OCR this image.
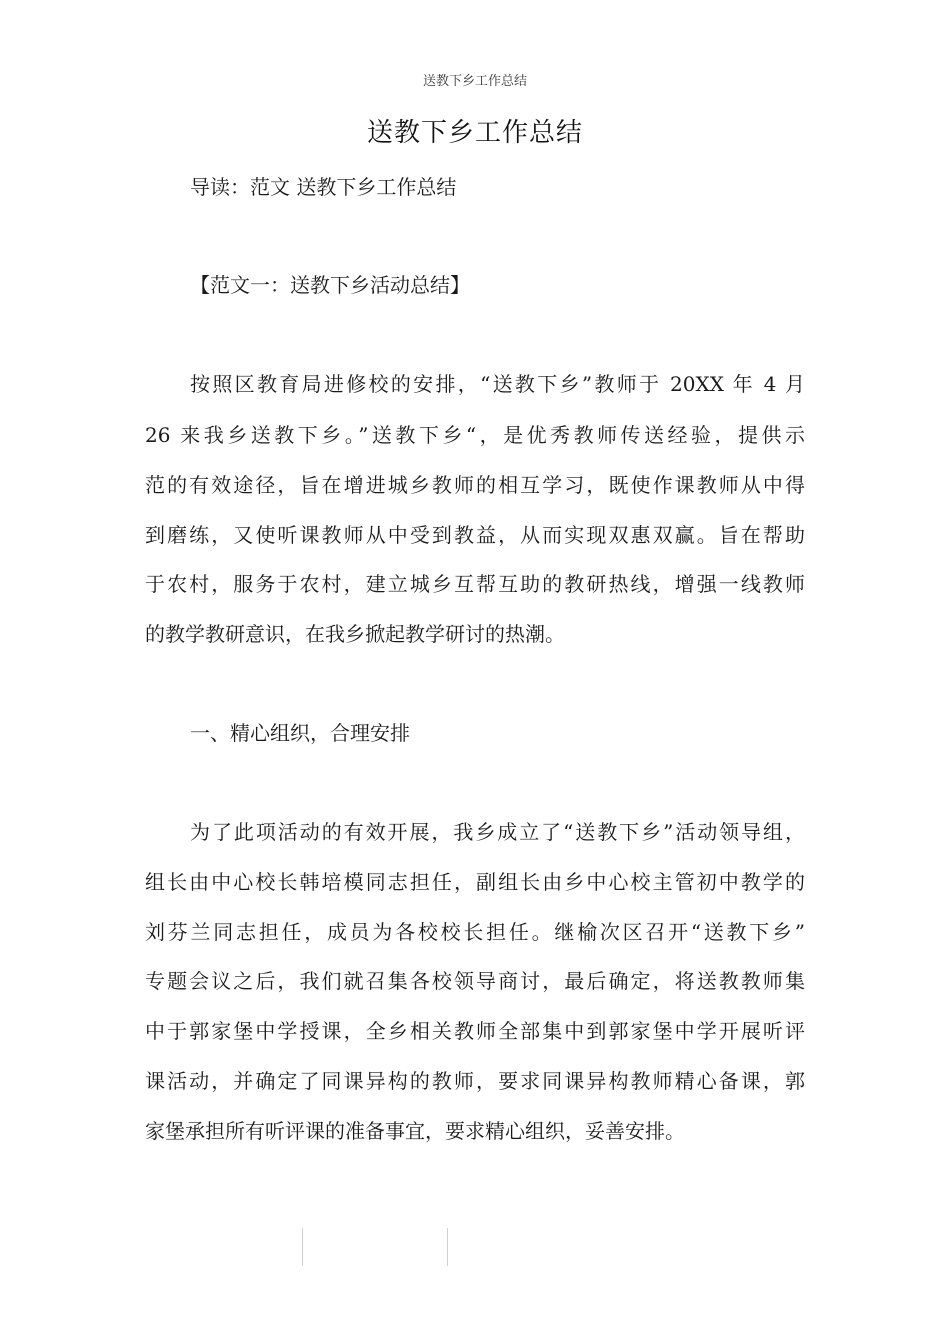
送教下乡工作总结
送教下乡工作总结
导读：范文 送教下乡工作总结
【范文一：送教下乡活动总结】
按照区教育局进修校的安排，“送教下乡”教师于 20XX 年 4 月
26 来我乡送教下乡。”送教下乡“，是优秀教师传送经验，提供示
范的有效途径，旨在增进城乡教师的相互学习，既使作课教师从中得
到磨练，又使听课教师从中受到教益，从而实现双惠双赢。旨在帮助
于农村，服务于农村，建立城乡互帮互助的教研热线，增强一线教师
的教学教研意识，在我乡掀起教学研讨的热潮。
一、精心组织，合理安排
为了此项活动的有效开展，我乡成立了“送教下乡”活动领导组，
组长由中心校长韩培模同志担任，副组长由乡中心校主管初中教学的
刘芬兰同志担任，成员为各校校长担任。继榆次区召开“送教下乡”
专题会议之后，我们就召集各校领导商讨，最后确定，将送教教师集
中于郭家堡中学授课，全乡相关教师全部集中到郭家堡中学开展听评
课活动，并确定了同课异构的教师，要求同课异构教师精心备课，郭
家堡承担所有听评课的准备事宜，要求精心组织，妥善安排。
